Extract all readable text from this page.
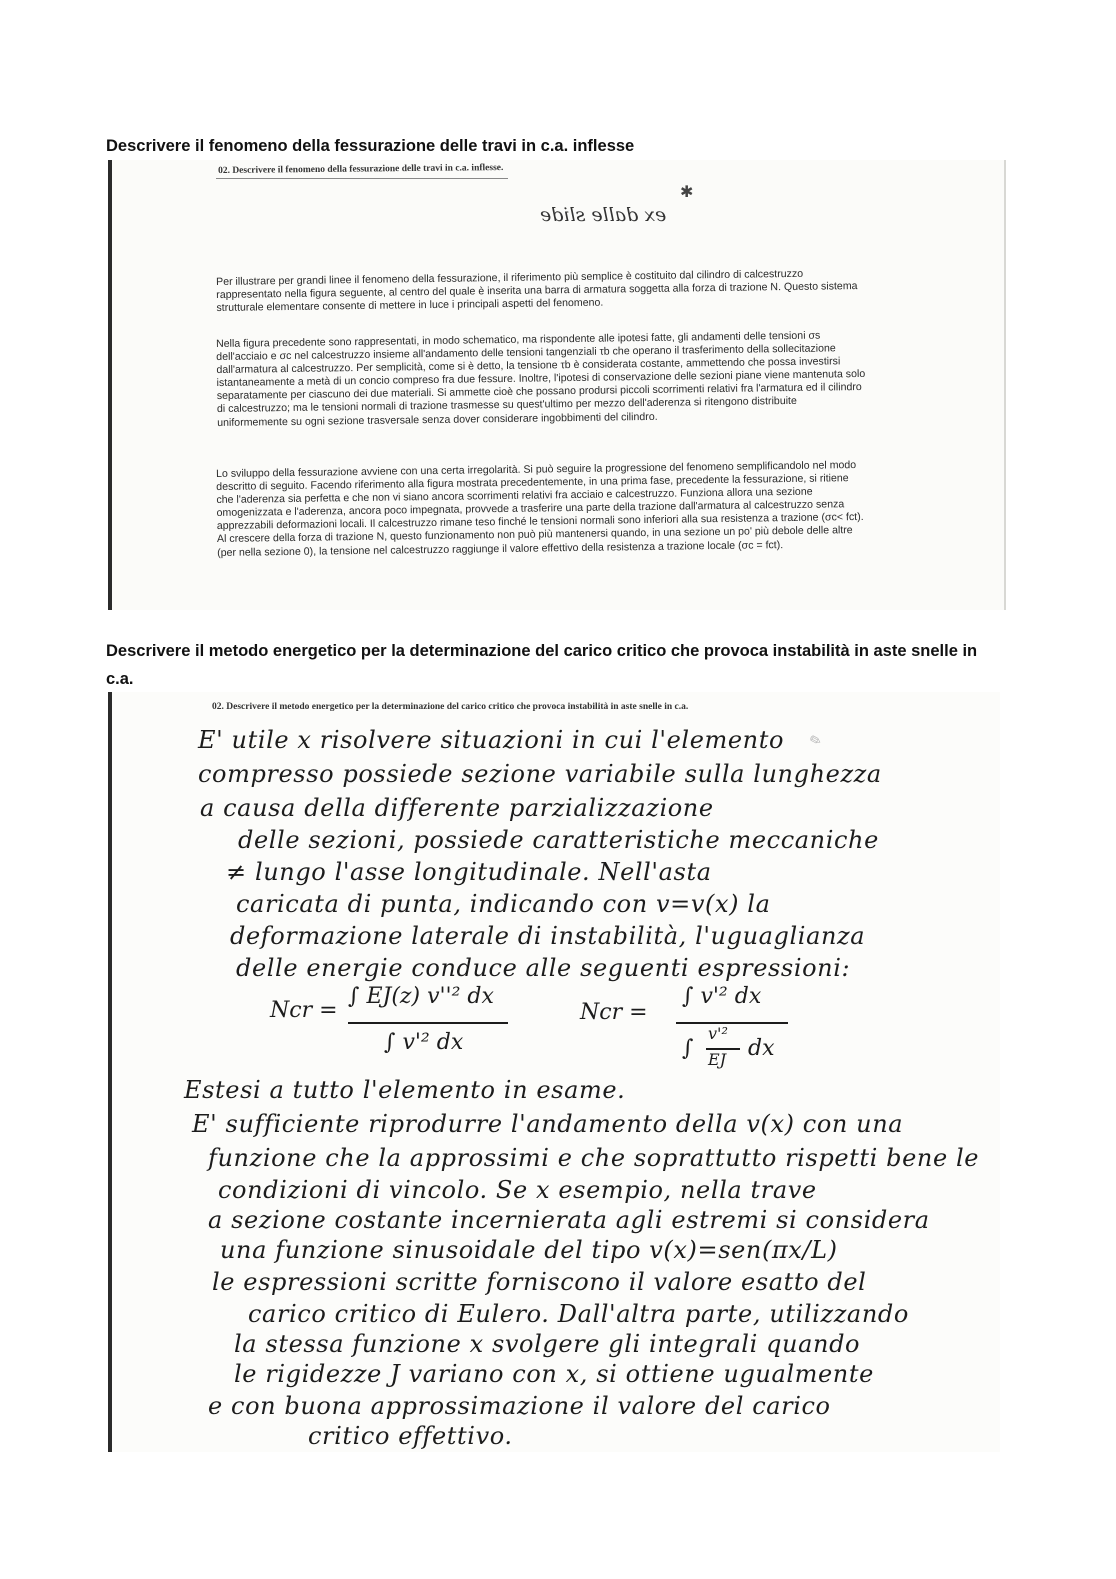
Descrivere il fenomeno della fessurazione delle travi in c.a. inflesse
02. Descrivere il fenomeno della fessurazione delle travi in c.a. inflesse.
✱
ex dalle slide

Per illustrare per grandi linee il fenomeno della fessurazione, il riferimento più semplice è costituito dal cilindro di calcestruzzo rappresentato nella figura seguente, al centro del quale è inserita una barra di armatura soggetta alla forza di trazione N. Questo sistema strutturale elementare consente di mettere in luce i principali aspetti del fenomeno.

Nella figura precedente sono rappresentati, in modo schematico, ma rispondente alle ipotesi fatte, gli andamenti delle tensioni σs dell'acciaio e σc nel calcestruzzo insieme all'andamento delle tensioni tangenziali τb che operano il trasferimento della sollecitazione dall'armatura al calcestruzzo. Per semplicità, come si è detto, la tensione τb è considerata costante, ammettendo che possa investirsi istantaneamente a metà di un concio compreso fra due fessure. Inoltre, l'ipotesi di conservazione delle sezioni piane viene mantenuta solo separatamente per ciascuno dei due materiali. Si ammette cioè che possano prodursi piccoli scorrimenti relativi fra l'armatura ed il cilindro di calcestruzzo; ma le tensioni normali di trazione trasmesse su quest'ultimo per mezzo dell'aderenza si ritengono distribuite uniformemente su ogni sezione trasversale senza dover considerare ingobbimenti del cilindro.

Lo sviluppo della fessurazione avviene con una certa irregolarità. Si può seguire la progressione del fenomeno semplificandolo nel modo descritto di seguito. Facendo riferimento alla figura mostrata precedentemente, in una prima fase, precedente la fessurazione, si ritiene che l'aderenza sia perfetta e che non vi siano ancora scorrimenti relativi fra acciaio e calcestruzzo. Funziona allora una sezione omogenizzata e l'aderenza, ancora poco impegnata, provvede a trasferire una parte della trazione dall'armatura al calcestruzzo senza apprezzabili deformazioni locali. Il calcestruzzo rimane teso finché le tensioni normali sono inferiori alla sua resistenza a trazione (σc< fct). Al crescere della forza di trazione N, questo funzionamento non può più mantenersi quando, in una sezione un po' più debole delle altre (per nella sezione 0), la tensione nel calcestruzzo raggiunge il valore effettivo della resistenza a trazione locale (σc = fct).

Descrivere il metodo energetico per la determinazione del carico critico che provoca instabilità in aste snelle in c.a.
02. Descrivere il metodo energetico per la determinazione del carico critico che provoca instabilità in aste snelle in c.a.
✎
E' utile x risolvere situazioni in cui l'elemento
compresso possiede sezione variabile sulla lunghezza
a causa della differente parzializzazione
delle sezioni, possiede caratteristiche meccaniche
≠ lungo l'asse longitudinale. Nell'asta
caricata di punta, indicando con v=v(x) la
deformazione laterale di instabilità, l'uguaglianza
delle energie conduce alle seguenti espressioni:
Ncr =
∫ EJ(z) v''² dx
∫ v'² dx
Ncr =
∫ v'² dx
∫
v'²
EJ dx
Estesi a tutto l'elemento in esame.
E' sufficiente riprodurre l'andamento della v(x) con una
funzione che la approssimi e che soprattutto rispetti bene le
condizioni di vincolo. Se x esempio, nella trave
a sezione costante incernierata agli estremi si considera
una funzione sinusoidale del tipo v(x)=sen(πx/L)
le espressioni scritte forniscono il valore esatto del
carico critico di Eulero. Dall'altra parte, utilizzando
la stessa funzione x svolgere gli integrali quando
le rigidezze J variano con x, si ottiene ugualmente
e con buona approssimazione il valore del carico
critico effettivo.
